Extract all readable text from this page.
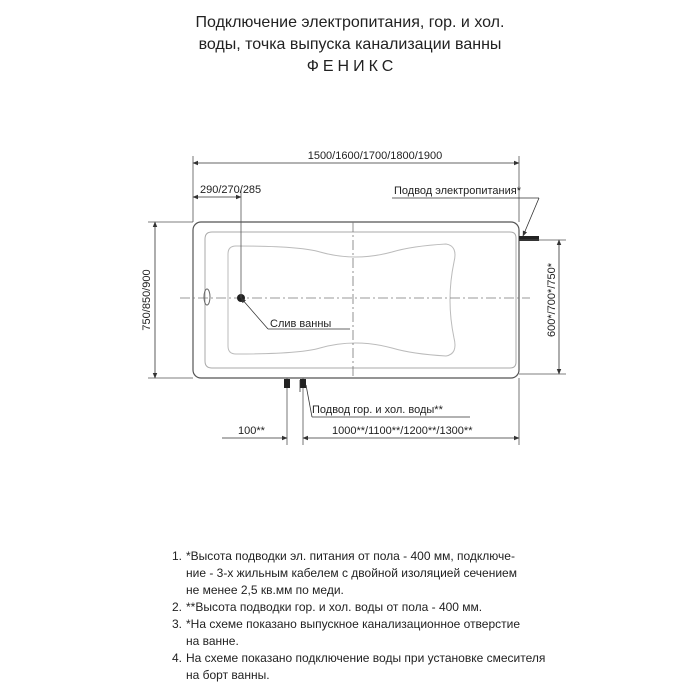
Подключение электропитания, гор. и хол.
воды, точка выпуска канализации ванны
ФЕНИКС
1500/1600/1700/1800/1900
290/270/285	Подвод электропитания*
750/850/900	600*/700*/750*
Подвод гор. и хол. воды**
Слив ванны
100**	1000**/1100**/1200**/1300**
1. *Высота подводки эл. питания от пола - 400 мм, подключе-
ние - 3-х жильным кабелем с двойной изоляцией сечением
не менее 2,5 кв.мм по меди.
2. **Высота подводки гор. и хол. воды от пола - 400 мм.
3. *На схеме показано выпускное канализационное отверстие
на ванне.
4. На схеме показано подключение воды при установке смесителя
на борт ванны.
